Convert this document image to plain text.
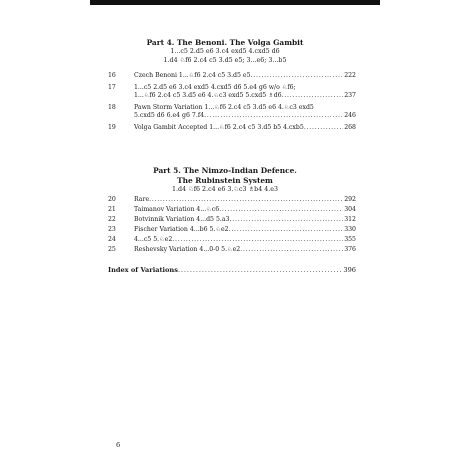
Part 4. The Benoni. The Volga Gambit
1...c5 2.d5 e6 3.c4 exd5 4.cxd5 d6
1.d4 ♘f6 2.c4 c5 3.d5 e5; 3...e6; 3...b5
16	Czech Benoni 1...♘f6 2.c4 c5 3.d5 e5 . . .	222
17	1...c5 2.d5 e6 3.c4 exd5 4.cxd5 d6 5.e4 g6 w/o ♘f6;
1...♘f6 2.c4 c5 3.d5 e6 4.♘c3 exd5 5.cxd5 ♗d6 . . .	237
18	Pawn Storm Variation 1...♘f6 2.c4 c5 3.d5 e6 4.♘c3 exd5
5.cxd5 d6 6.e4 g6 7.f4 . . .	246
19	Volga Gambit Accepted 1...♘f6 2.c4 c5 3.d5 b5 4.cxb5 . . .	268
Part 5. The Nimzo-Indian Defence.
The Rubinstein System
1.d4 ♘f6 2.c4 e6 3.♘c3 ♗b4 4.e3
20	Rare . . .	292
21	Taimanov Variation 4...♘c6 . . .	304
22	Botvinnik Variation 4...d5 5.a3 . . .	312
23	Fischer Variation 4...b6 5.♘e2 . . .	330
24	4...c5 5.♘e2 . . .	355
25	Reshevsky Variation 4...0-0 5.♘e2 . . .	376
Index of Variations . . .	396
6
